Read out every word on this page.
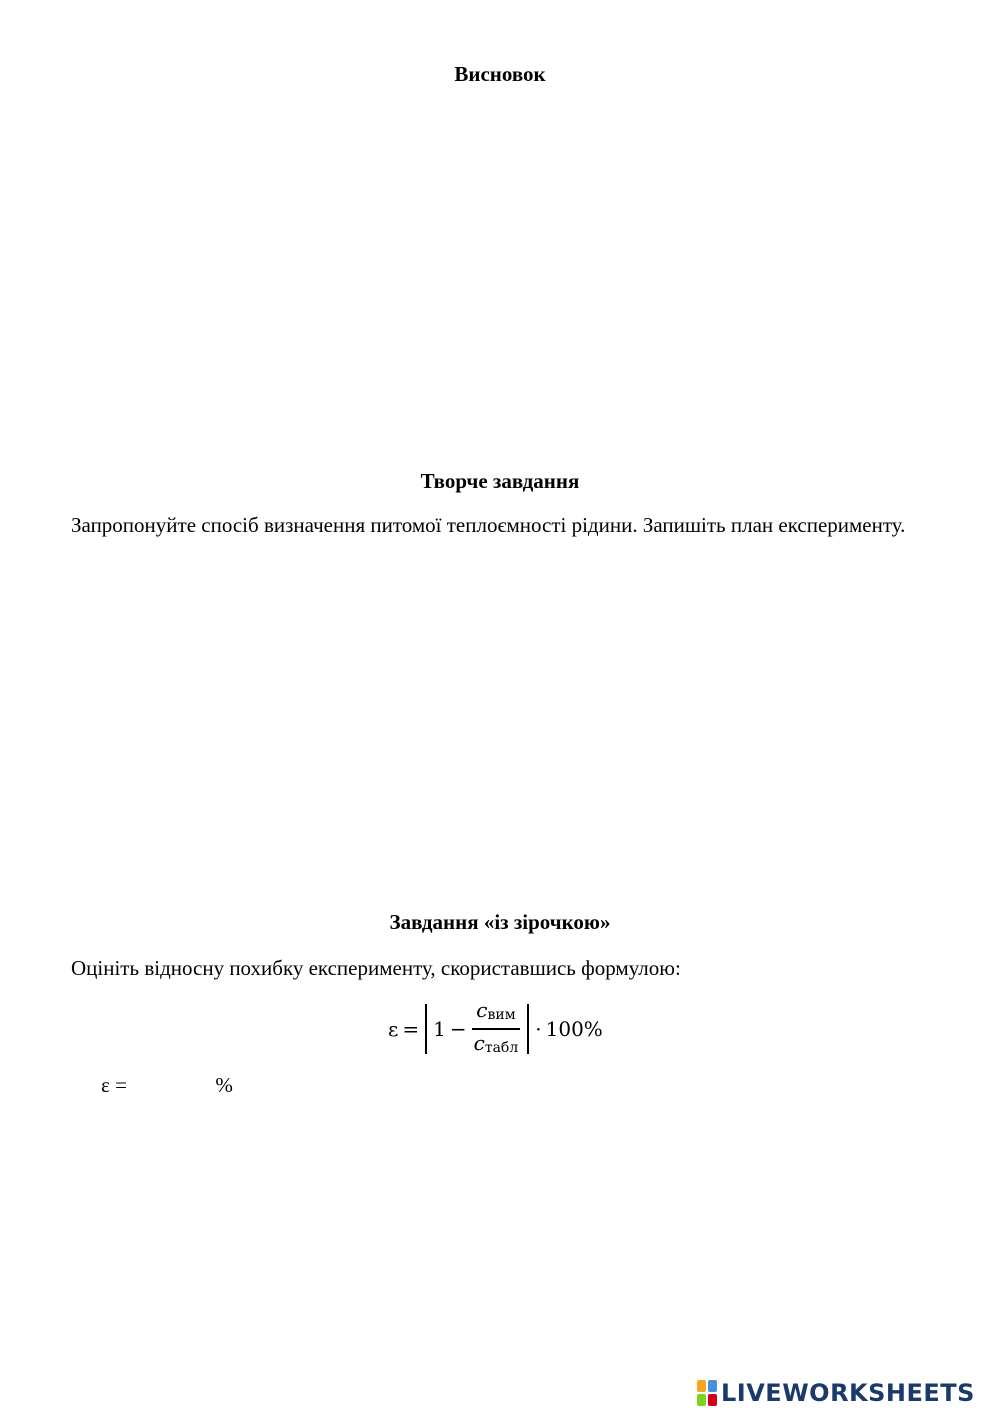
Висновок
Творче завдання
Запропонуйте спосіб визначення питомої теплоємності рідини. Запишіть план експерименту.
Завдання «із зірочкою»
Оцініть відносну похибку експерименту, скориставшись формулою:
$\varepsilon = 1 - \frac{c_{вим}}{c_{табл}} \cdot 100\%$
ε =	%
LIVEWORKSHEETS
